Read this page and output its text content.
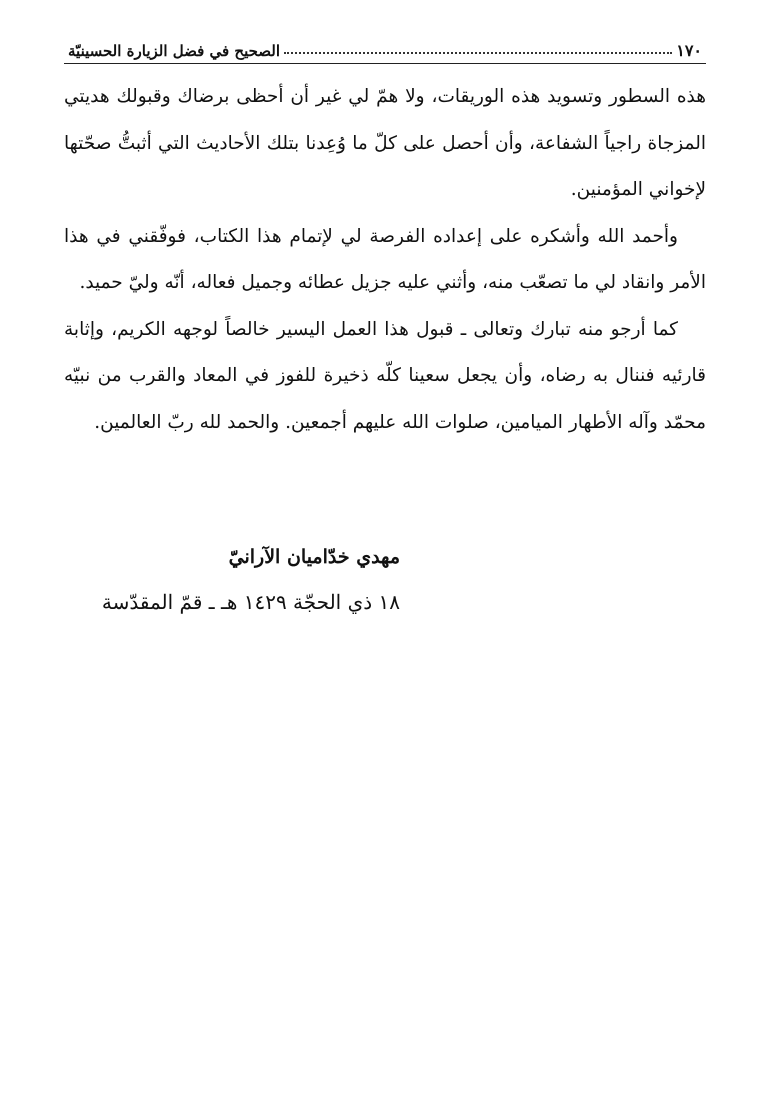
١٧٠
الصحيح في فضل الزيارة الحسينيّة

هذه السطور وتسويد هذه الوريقات، ولا همّ لي غير أن أحظى برضاك وقبولك هديتي المزجاة راجياً الشفاعة، وأن أحصل على كلّ ما وُعِدنا بتلك الأحاديث التي أثبتُّ صحّتها لإخواني المؤمنين.

وأحمد الله وأشكره على إعداده الفرصة لي لإتمام هذا الكتاب، فوفّقني في هذا الأمر وانقاد لي ما تصعّب منه، وأثني عليه جزيل عطائه وجميل فعاله، أنّه وليّ حميد.

كما أرجو منه تبارك وتعالى ـ قبول هذا العمل اليسير خالصاً لوجهه الكريم، وإثابة قارئيه فننال به رضاه، وأن يجعل سعينا كلّه ذخيرة للفوز في المعاد والقرب من نبيّه محمّد وآله الأطهار الميامين، صلوات الله عليهم أجمعين. والحمد لله ربّ العالمين.

مهدي خدّاميان الآرانيّ
١٨ ذي الحجّة ١٤٢٩ هـ ـ قمّ المقدّسة
